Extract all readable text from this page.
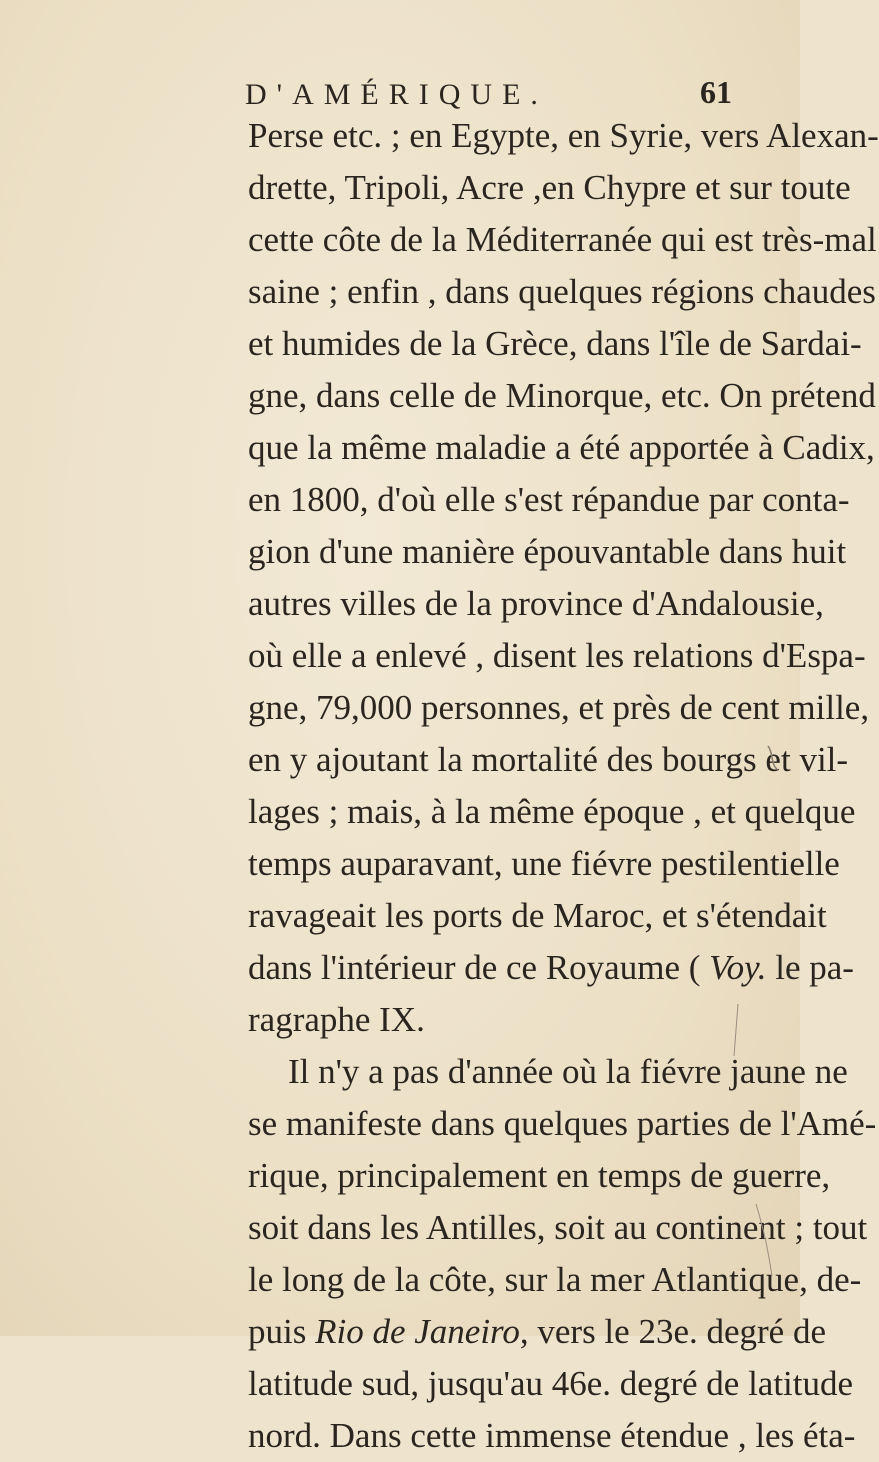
D'AMÉRIQUE.	61
Perse etc. ; en Egypte, en Syrie, vers Alexan-
drette, Tripoli, Acre ,en Chypre et sur toute
cette côte de la Méditerranée qui est très-mal
saine ; enfin , dans quelques régions chaudes
et humides de la Grèce, dans l'île de Sardai-
gne, dans celle de Minorque, etc. On prétend
que la même maladie a été apportée à Cadix,
en 1800, d'où elle s'est répandue par conta-
gion d'une manière épouvantable dans huit
autres villes de la province d'Andalousie,
où elle a enlevé , disent les relations d'Espa-
gne, 79,000 personnes, et près de cent mille,
en y ajoutant la mortalité des bourgs et vil-
lages ; mais, à la même époque , et quelque
temps auparavant, une fiévre pestilentielle
ravageait les ports de Maroc, et s'étendait
dans l'intérieur de ce Royaume ( Voy. le pa-
ragraphe IX.
Il n'y a pas d'année où la fiévre jaune ne
se manifeste dans quelques parties de l'Amé-
rique, principalement en temps de guerre,
soit dans les Antilles, soit au continent ; tout
le long de la côte, sur la mer Atlantique, de-
puis Rio de Janeiro, vers le 23e. degré de
latitude sud, jusqu'au 46e. degré de latitude
nord. Dans cette immense étendue , les éta-
